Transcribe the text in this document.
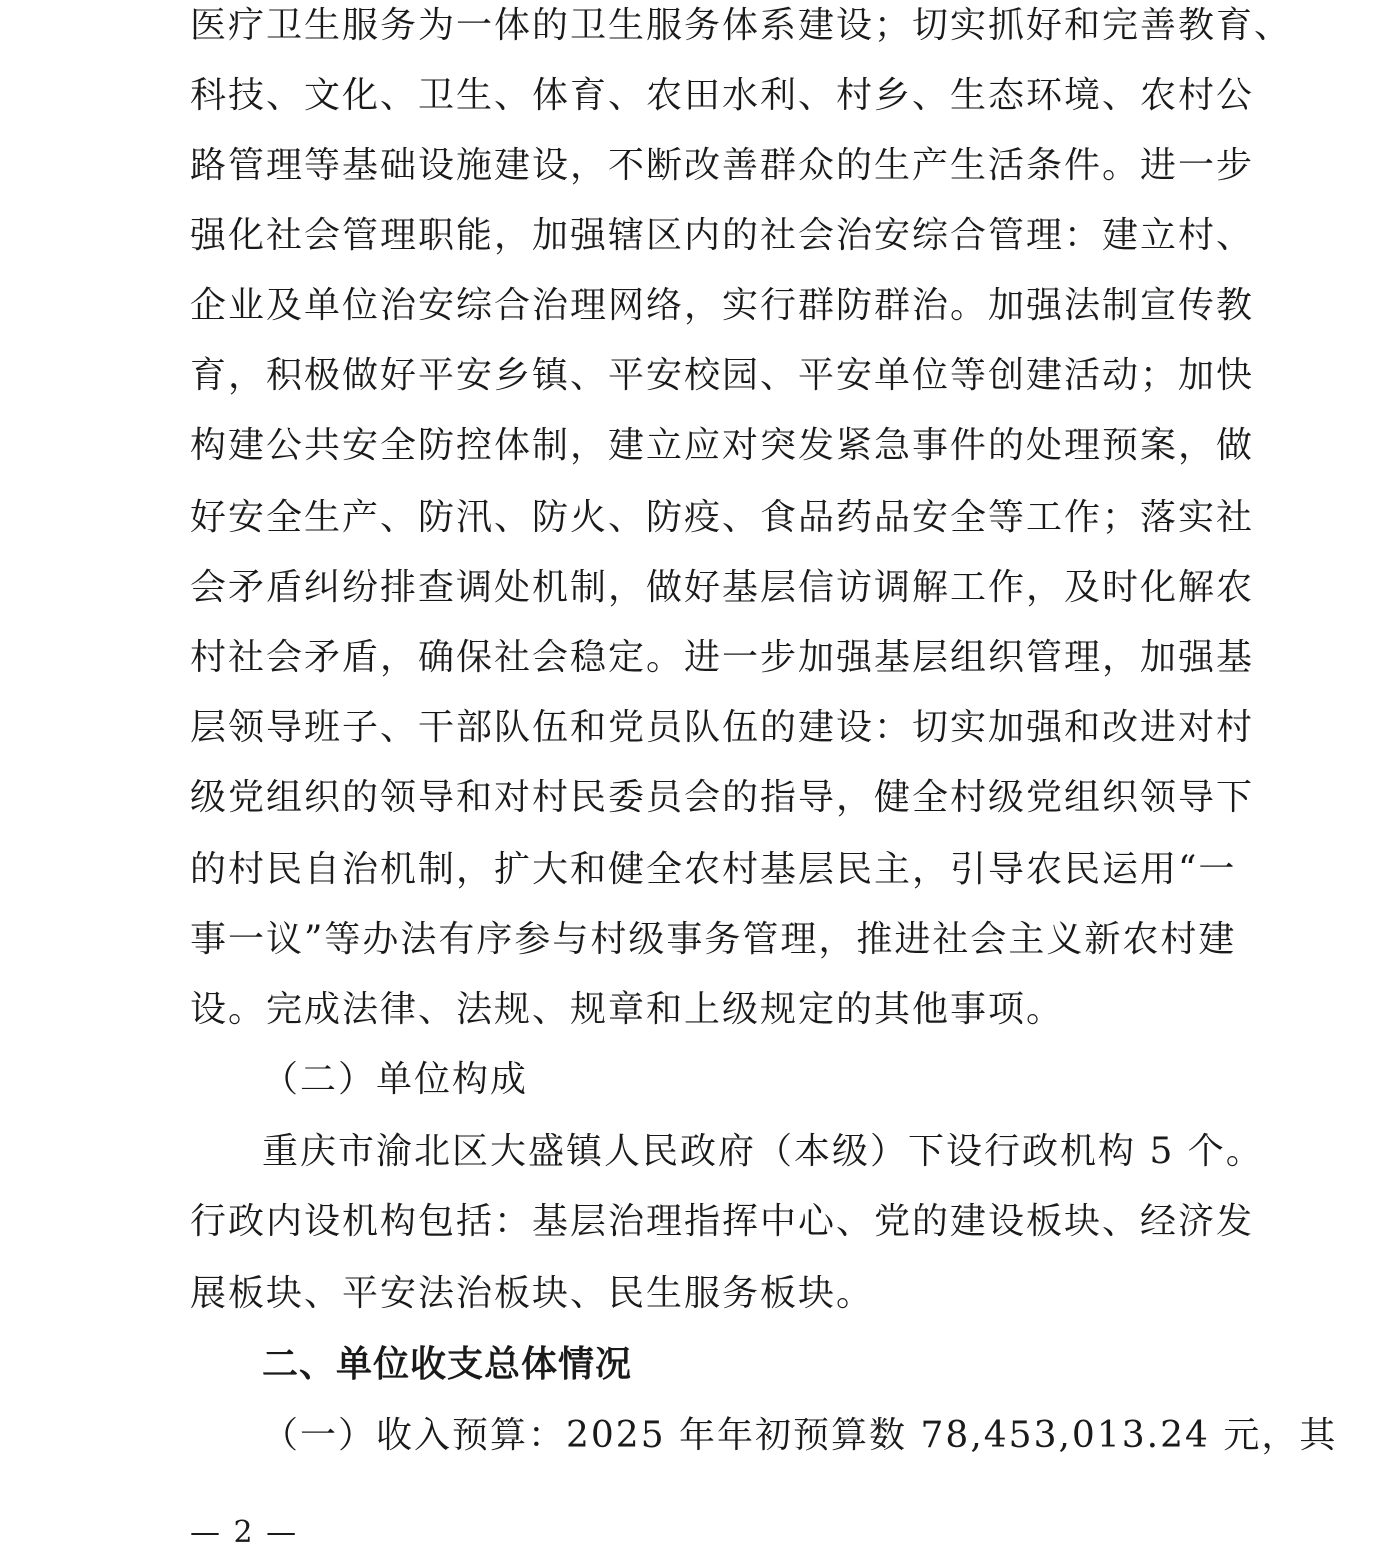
医疗卫生服务为一体的卫生服务体系建设；切实抓好和完善教育、
科技、文化、卫生、体育、农田水利、村乡、生态环境、农村公
路管理等基础设施建设，不断改善群众的生产生活条件。进一步
强化社会管理职能，加强辖区内的社会治安综合管理：建立村、
企业及单位治安综合治理网络，实行群防群治。加强法制宣传教
育，积极做好平安乡镇、平安校园、平安单位等创建活动；加快
构建公共安全防控体制，建立应对突发紧急事件的处理预案，做
好安全生产、防汛、防火、防疫、食品药品安全等工作；落实社
会矛盾纠纷排查调处机制，做好基层信访调解工作，及时化解农
村社会矛盾，确保社会稳定。进一步加强基层组织管理，加强基
层领导班子、干部队伍和党员队伍的建设：切实加强和改进对村
级党组织的领导和对村民委员会的指导，健全村级党组织领导下
的村民自治机制，扩大和健全农村基层民主，引导农民运用“一
事一议”等办法有序参与村级事务管理，推进社会主义新农村建
设。完成法律、法规、规章和上级规定的其他事项。
（二）单位构成
重庆市渝北区大盛镇人民政府（本级）下设行政机构 5 个。
行政内设机构包括：基层治理指挥中心、党的建设板块、经济发
展板块、平安法治板块、民生服务板块。
二、单位收支总体情况
（一）收入预算：2025 年年初预算数 78,453,013.24 元，其
— 2 —
